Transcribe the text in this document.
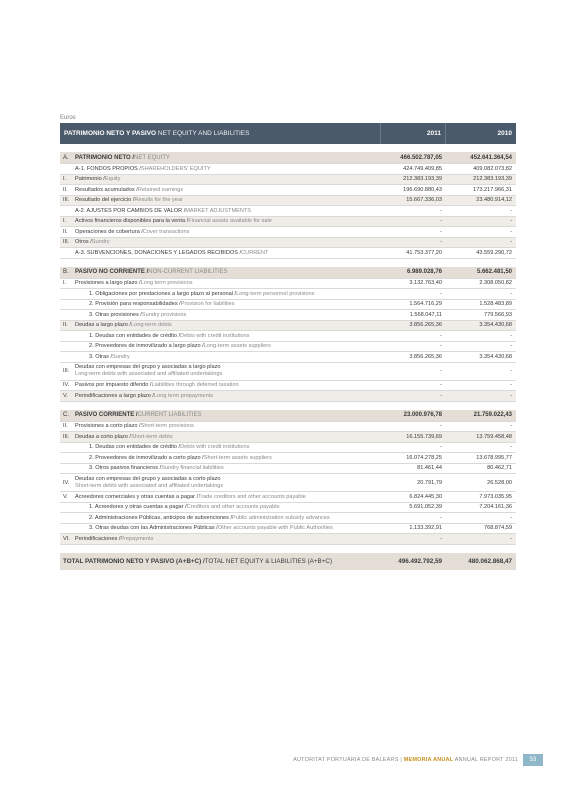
Euros
PATRIMONIO NETO Y PASIVO NET EQUITY AND LIABILITIES	2011	2010
A.	PATRIMONIO NETO / NET EQUITY	466.502.787,05	452.641.364,54
A-1. FONDOS PROPIOS / SHAREHOLDERS’ EQUITY	424.749.409,85	409.082.073,82
I.	Patrimonio / Equity	212.383.193,39	212.383.193,39
II.	Resultados acumulados / Retained earnings	196.690.880,43	173.217.966,31
III.	Resultado del ejercicio / Results for the year	15.667.336,03	23.480.914,12
A-2. AJUSTES POR CAMBIOS DE VALOR / MARKET ADJUSTMENTS	-	-
I.	Activos financieros disponibles para la venta / Financial assets available for sale	-	-
II.	Operaciones de cobertura / Cover transactions	-	-
III.	Otros / Sundry	-	-
A-3. SUBVENCIONES, DONACIONES Y LEGADOS RECIBIDOS / CURRENT	41.753.377,20	43.559.290,72
B.	PASIVO NO CORRIENTE / NON-CURRENT LIABILITIES	6.989.028,76	5.662.481,50
I.	Provisiones a largo plazo / Long term provisions	3.132.763,40	2.308.050,82
1. Obligaciones por prestaciones a largo plazo al personal / Long-term personnel provisions	-	-
2. Provisión para responsabilidades / Provision for liabilities	1.564.716,29	1.528.483,89
3. Otras provisiones / Sundry provisions	1.568.047,11	779.566,93
II.	Deudas a largo plazo / Long-term debts	3.856.265,36	3.354.430,68
1. Deudas con entidades de crédito / Debts with credit institutions	-	-
2. Proveedores de inmovilizado a largo plazo / Long-term assets suppliers	-	-
3. Otras / Sundry	3.856.265,36	3.354.430,68
III.
Deudas con empresas del grupo y asociadas a largo plazo
Long-term debts with associated and affiliated undertakings	-	-
IV.	Pasivos por impuesto diferido / Liabilities through deferred taxation	-	-
V.	Periodificaciones a largo plazo / Long term prepayments	-	-
C.	PASIVO CORRIENTE / CURRENT LIABILITIES	23.000.976,78	21.759.022,43
II.	Provisiones a corto plazo / Short-term provisions	-	-
III.	Deudas a corto plazo / Short-term debts	16.155.739,69	13.759.458,48
1. Deudas con entidades de crédito / Debts with credit institutions	-	-
2. Proveedores de inmovilizado a corto plazo / Short-term assets suppliers	16.074.278,25	13.678.995,77
3. Otros pasivos financieros / Sundry financial liabilities	81.461,44	80.462,71
IV.
Deudas con empresas del grupo y asociadas a corto plazo
Short-term debts with associated and affiliated undertakings	20.791,79	26.528,00
V.	Acreedores comerciales y otras cuentas a pagar / Trade creditors and other accounts payable	6.824.445,30	7.973.035,95
1. Acreedores y otras cuentas a pagar / Creditors and other accounts payable	5.691.052,39	7.204.161,36
2. Administraciones Públicas, anticipos de subvenciones / Public administration subsidy advances	-	-
3. Otras deudas con las Administraciones Públicas / Other accounts payable with Public Authorities	1.133.392,91	768.874,59
VI. Periodificaciones / Prepayments	-	-
TOTAL PATRIMONIO NETO Y PASIVO (A+B+C) / TOTAL NET EQUITY & LIABILITIES (A+B+C)	496.492.792,59	480.062.868,47
AUTORITAT PORTUÀRIA DE BALEARS | MEMORIA ANUAL ANNUAL REPORT 2011	53
